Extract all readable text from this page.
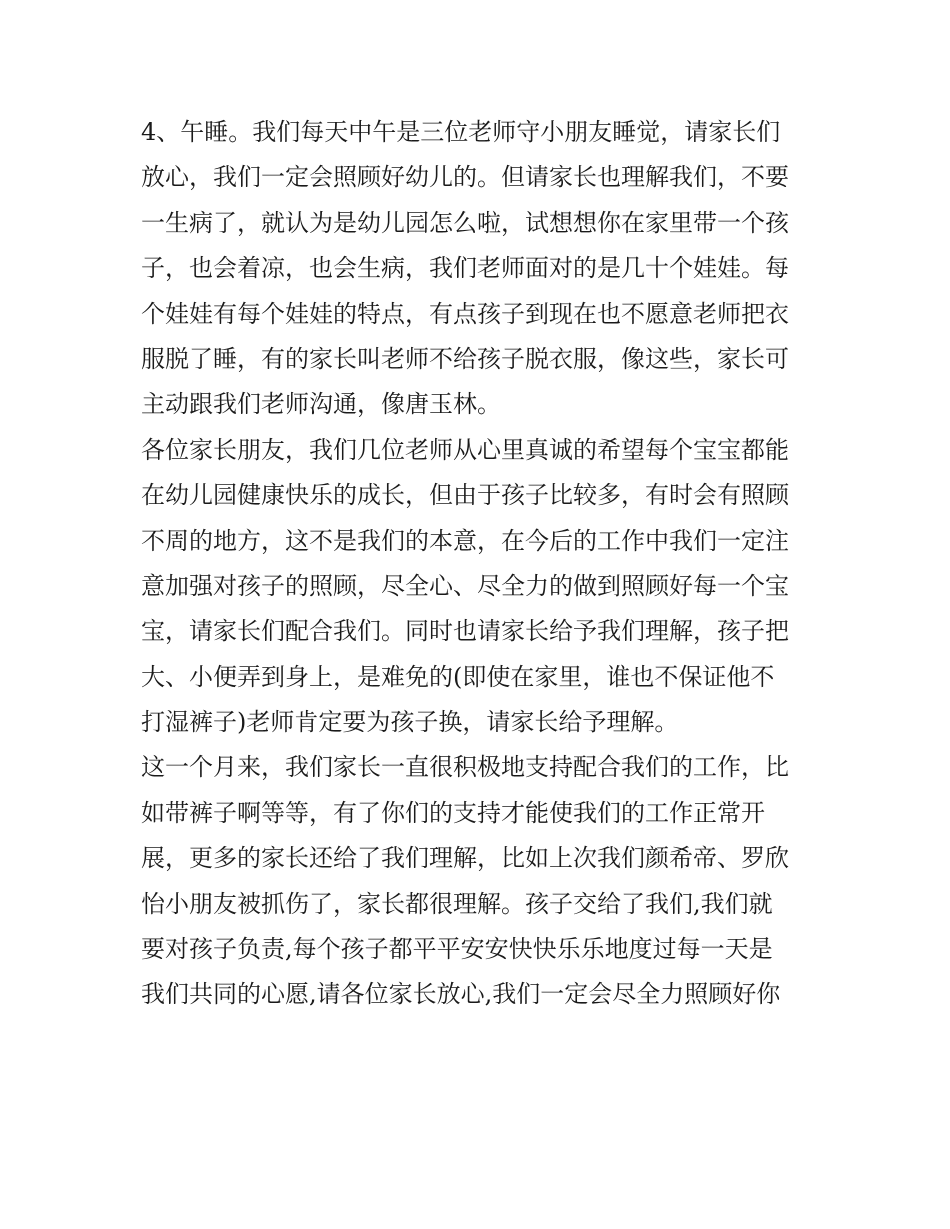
4、午睡。我们每天中午是三位老师守小朋友睡觉，请家长们
放心，我们一定会照顾好幼儿的。但请家长也理解我们，不要
一生病了，就认为是幼儿园怎么啦，试想想你在家里带一个孩
子，也会着凉，也会生病，我们老师面对的是几十个娃娃。每
个娃娃有每个娃娃的特点，有点孩子到现在也不愿意老师把衣
服脱了睡，有的家长叫老师不给孩子脱衣服，像这些，家长可
主动跟我们老师沟通，像唐玉林。
各位家长朋友，我们几位老师从心里真诚的希望每个宝宝都能
在幼儿园健康快乐的成长，但由于孩子比较多，有时会有照顾
不周的地方，这不是我们的本意，在今后的工作中我们一定注
意加强对孩子的照顾，尽全心、尽全力的做到照顾好每一个宝
宝，请家长们配合我们。同时也请家长给予我们理解，孩子把
大、小便弄到身上，是难免的(即使在家里，谁也不保证他不
打湿裤子)老师肯定要为孩子换，请家长给予理解。
这一个月来，我们家长一直很积极地支持配合我们的工作，比
如带裤子啊等等，有了你们的支持才能使我们的工作正常开
展，更多的家长还给了我们理解，比如上次我们颜希帝、罗欣
怡小朋友被抓伤了，家长都很理解。孩子交给了我们,我们就
要对孩子负责,每个孩子都平平安安快快乐乐地度过每一天是
我们共同的心愿,请各位家长放心,我们一定会尽全力照顾好你
